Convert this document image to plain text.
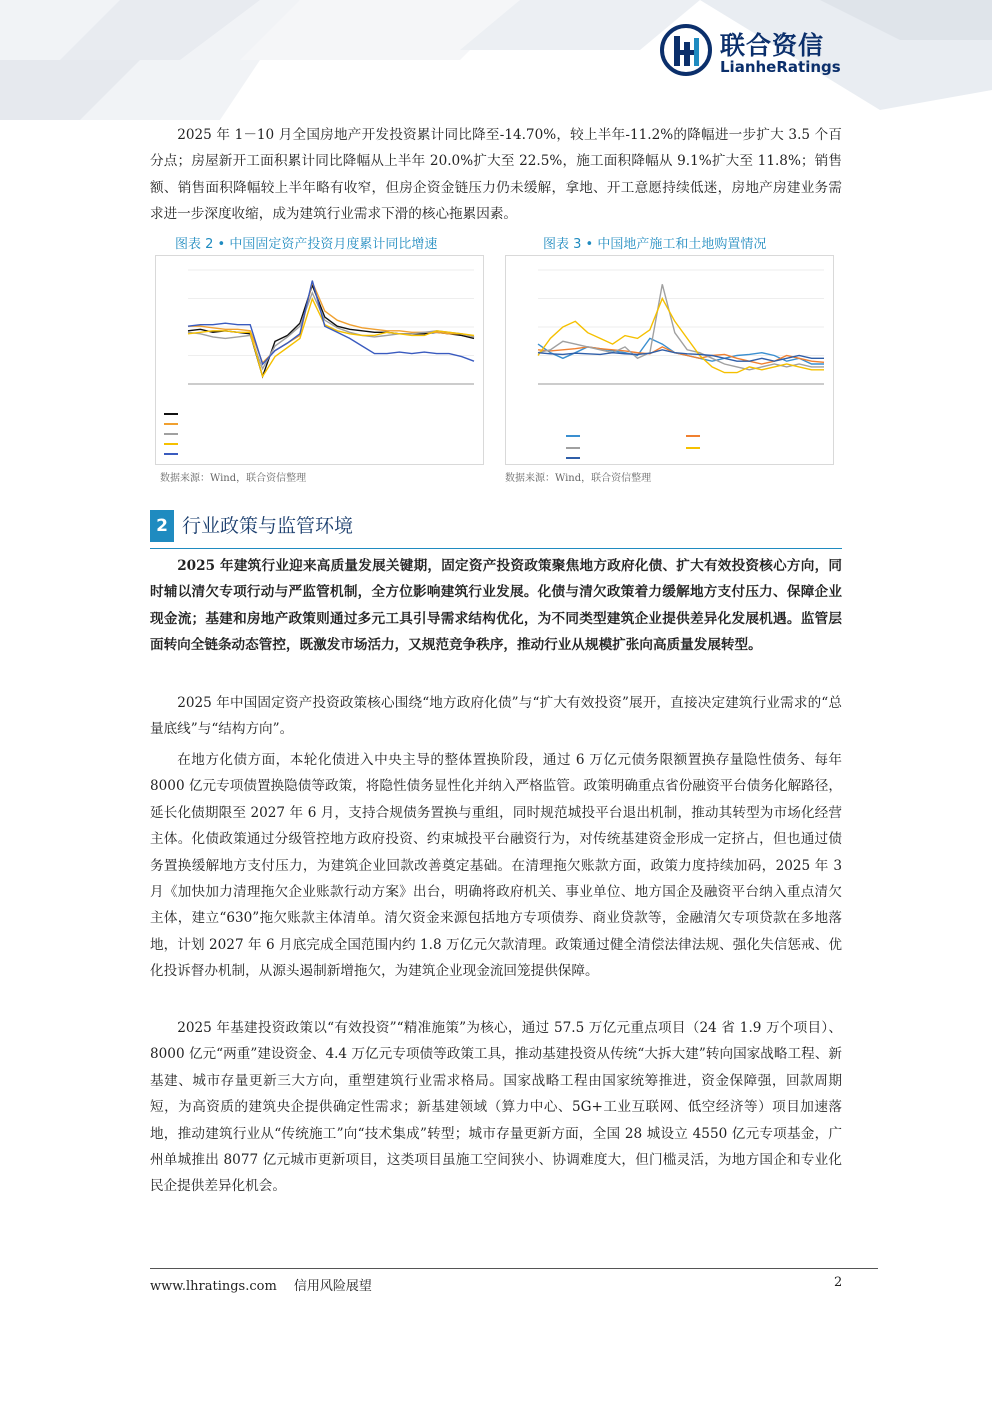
联合资信
LianheRatings

2025 年 1－10 月全国房地产开发投资累计同比降至-14.70%，较上半年-11.2%的降幅进一步扩大 3.5 个百分点；房屋新开工面积累计同比降幅从上半年 20.0%扩大至 22.5%，施工面积降幅从 9.1%扩大至 11.8%；销售额、销售面积降幅较上半年略有收窄，但房企资金链压力仍未缓解，拿地、开工意愿持续低迷，房地产房建业务需求进一步深度收缩，成为建筑行业需求下滑的核心拖累因素。

图表 2 • 中国固定资产投资月度累计同比增速
数据来源：Wind，联合资信整理
图表 3 • 中国地产施工和土地购置情况
数据来源：Wind，联合资信整理
2 行业政策与监管环境

2025 年建筑行业迎来高质量发展关键期，固定资产投资政策聚焦地方政府化债、扩大有效投资核心方向，同时辅以清欠专项行动与严监管机制，全方位影响建筑行业发展。化债与清欠政策着力缓解地方支付压力、保障企业现金流；基建和房地产政策则通过多元工具引导需求结构优化，为不同类型建筑企业提供差异化发展机遇。监管层面转向全链条动态管控，既激发市场活力，又规范竞争秩序，推动行业从规模扩张向高质量发展转型。

2025 年中国固定资产投资政策核心围绕“地方政府化债”与“扩大有效投资”展开，直接决定建筑行业需求的“总量底线”与“结构方向”。

在地方化债方面，本轮化债进入中央主导的整体置换阶段，通过 6 万亿元债务限额置换存量隐性债务、每年 8000 亿元专项债置换隐债等政策，将隐性债务显性化并纳入严格监管。政策明确重点省份融资平台债务化解路径，延长化债期限至 2027 年 6 月，支持合规债务置换与重组，同时规范城投平台退出机制，推动其转型为市场化经营主体。化债政策通过分级管控地方政府投资、约束城投平台融资行为，对传统基建资金形成一定挤占，但也通过债务置换缓解地方支付压力，为建筑企业回款改善奠定基础。在清理拖欠账款方面，政策力度持续加码，2025 年 3 月《加快加力清理拖欠企业账款行动方案》出台，明确将政府机关、事业单位、地方国企及融资平台纳入重点清欠主体，建立“630”拖欠账款主体清单。清欠资金来源包括地方专项债券、商业贷款等，金融清欠专项贷款在多地落地，计划 2027 年 6 月底完成全国范围内约 1.8 万亿元欠款清理。政策通过健全清偿法律法规、强化失信惩戒、优化投诉督办机制，从源头遏制新增拖欠，为建筑企业现金流回笼提供保障。

2025 年基建投资政策以“有效投资”“精准施策”为核心，通过 57.5 万亿元重点项目（24 省 1.9 万个项目）、8000 亿元“两重”建设资金、4.4 万亿元专项债等政策工具，推动基建投资从传统“大拆大建”转向国家战略工程、新基建、城市存量更新三大方向，重塑建筑行业需求格局。国家战略工程由国家统筹推进，资金保障强，回款周期短，为高资质的建筑央企提供确定性需求；新基建领域（算力中心、5G+工业互联网、低空经济等）项目加速落地，推动建筑行业从“传统施工”向“技术集成”转型；城市存量更新方面，全国 28 城设立 4550 亿元专项基金，广州单城推出 8077 亿元城市更新项目，这类项目虽施工空间狭小、协调难度大，但门槛灵活，为地方国企和专业化民企提供差异化机会。

www.lhratings.com　 信用风险展望	2
